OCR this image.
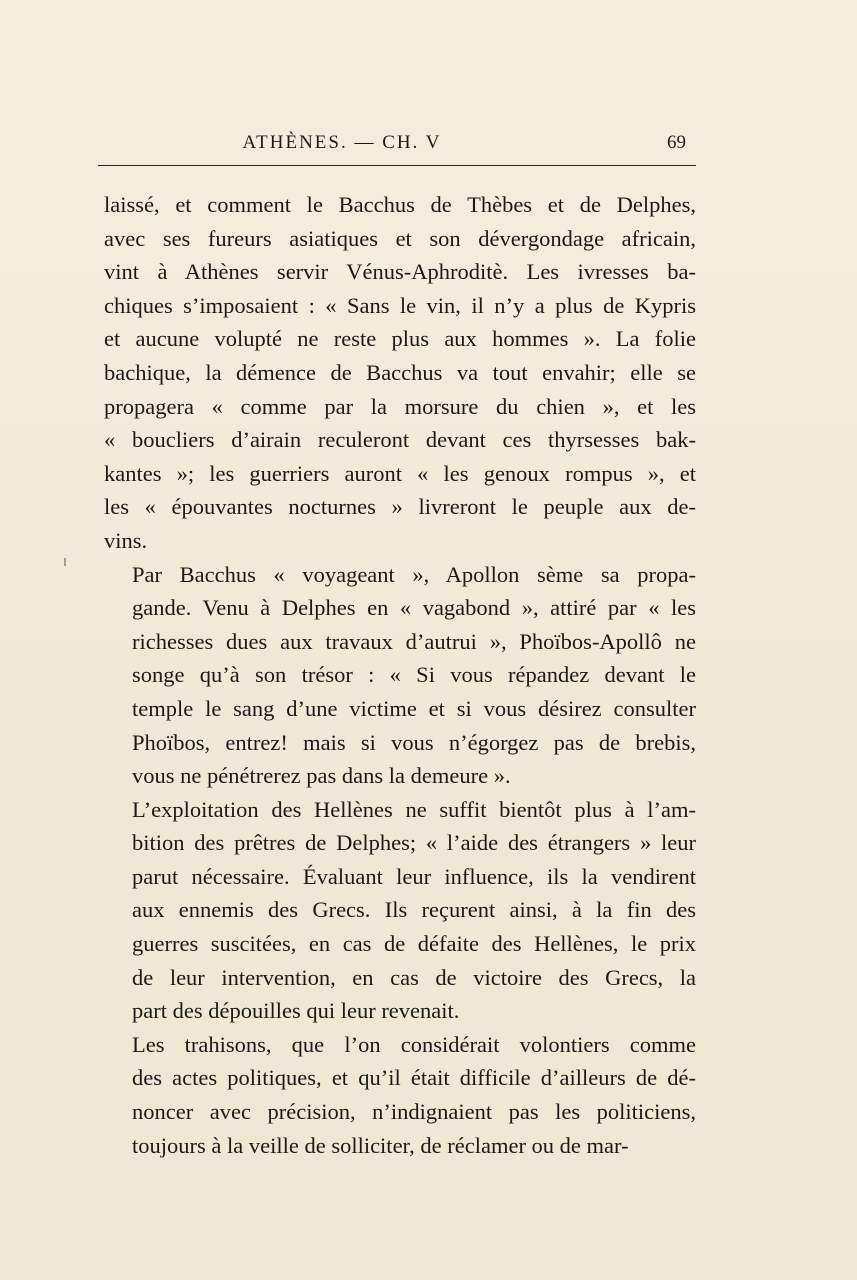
ATHÈNES. — CH. V	69

laissé, et comment le Bacchus de Thèbes et de Delphes,
avec ses fureurs asiatiques et son dévergondage africain,
vint à Athènes servir Vénus-Aphroditè. Les ivresses ba-
chiques s’imposaient : « Sans le vin, il n’y a plus de Kypris
et aucune volupté ne reste plus aux hommes ». La folie
bachique, la démence de Bacchus va tout envahir; elle se
propagera « comme par la morsure du chien », et les
« boucliers d’airain reculeront devant ces thyrsesses bak-
kantes »; les guerriers auront « les genoux rompus », et
les « épouvantes nocturnes » livreront le peuple aux de-
vins.

Par Bacchus « voyageant », Apollon sème sa propa-
gande. Venu à Delphes en « vagabond », attiré par « les
richesses dues aux travaux d’autrui », Phoïbos-Apollô ne
songe qu’à son trésor : « Si vous répandez devant le
temple le sang d’une victime et si vous désirez consulter
Phoïbos, entrez! mais si vous n’égorgez pas de brebis,
vous ne pénétrerez pas dans la demeure ».

L’exploitation des Hellènes ne suffit bientôt plus à l’am-
bition des prêtres de Delphes; « l’aide des étrangers » leur
parut nécessaire. Évaluant leur influence, ils la vendirent
aux ennemis des Grecs. Ils reçurent ainsi, à la fin des
guerres suscitées, en cas de défaite des Hellènes, le prix
de leur intervention, en cas de victoire des Grecs, la
part des dépouilles qui leur revenait.

Les trahisons, que l’on considérait volontiers comme
des actes politiques, et qu’il était difficile d’ailleurs de dé-
noncer avec précision, n’indignaient pas les politiciens,
toujours à la veille de solliciter, de réclamer ou de mar-
